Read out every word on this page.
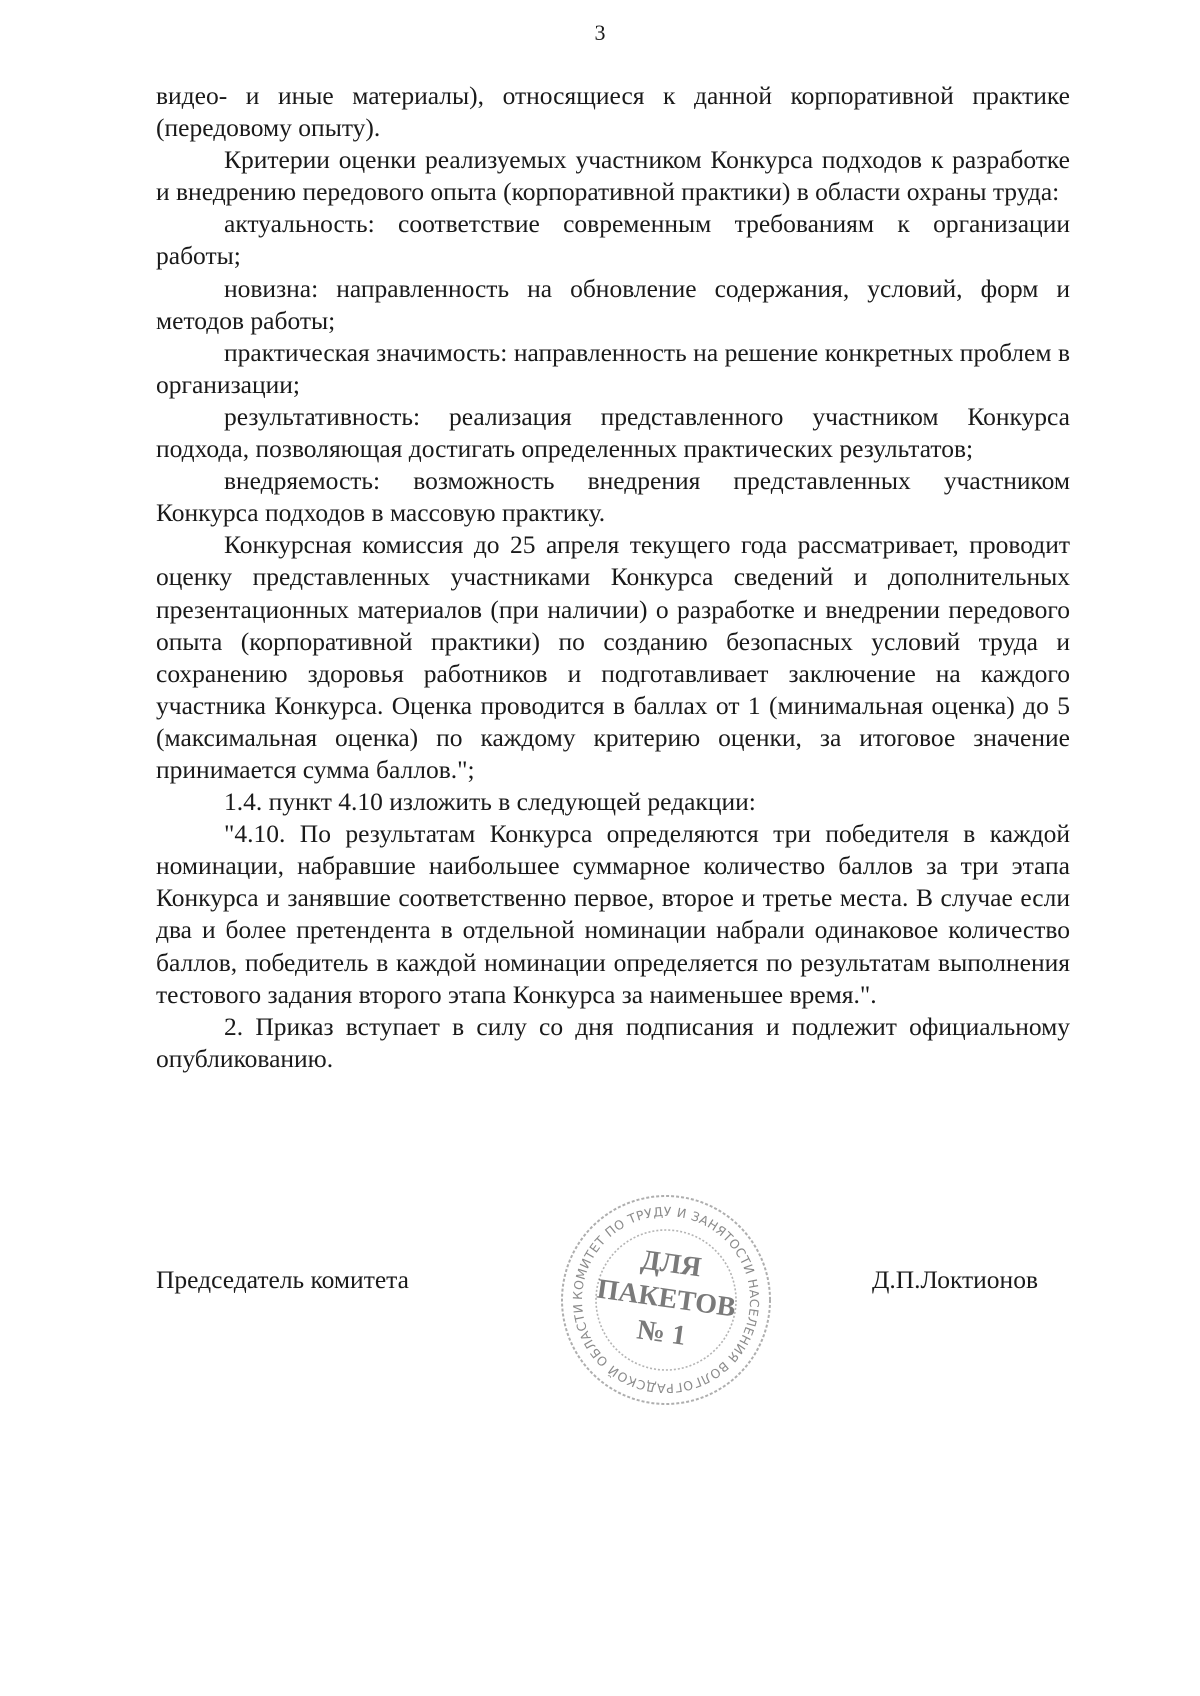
3

видео- и иные материалы), относящиеся к данной корпоративной практике (передовому опыту).

Критерии оценки реализуемых участником Конкурса подходов к разработке и внедрению передового опыта (корпоративной практики) в области охраны труда:

актуальность: соответствие современным требованиям к организации работы;

новизна: направленность на обновление содержания, условий, форм и методов работы;

практическая значимость: направленность на решение конкретных проблем в организации;

результативность: реализация представленного участником Конкурса подхода, позволяющая достигать определенных практических результатов;

внедряемость: возможность внедрения представленных участником Конкурса подходов в массовую практику.

Конкурсная комиссия до 25 апреля текущего года рассматривает, проводит оценку представленных участниками Конкурса сведений и дополнительных презентационных материалов (при наличии) о разработке и внедрении передового опыта (корпоративной практики) по созданию безопасных условий труда и сохранению здоровья работников и подготавливает заключение на каждого участника Конкурса. Оценка проводится в баллах от 1 (минимальная оценка) до 5 (максимальная оценка) по каждому критерию оценки, за итоговое значение принимается сумма баллов.";

1.4. пункт 4.10 изложить в следующей редакции:

"4.10. По результатам Конкурса определяются три победителя в каждой номинации, набравшие наибольшее суммарное количество баллов за три этапа Конкурса и занявшие соответственно первое, второе и третье места. В случае если два и более претендента в отдельной номинации набрали одинаковое количество баллов, победитель в каждой номинации определяется по результатам выполнения тестового задания второго этапа Конкурса за наименьшее время.".

2. Приказ вступает в силу со дня подписания и подлежит официальному опубликованию.

Председатель комитета
КОМИТЕТ ПО ТРУДУ И ЗАНЯТОСТИ НАСЕЛЕНИЯ ВОЛГОГРАДСКОЙ ОБЛАСТИ
ДЛЯ
ПАКЕТОВ
№ 1
Д.П.Локтионов
